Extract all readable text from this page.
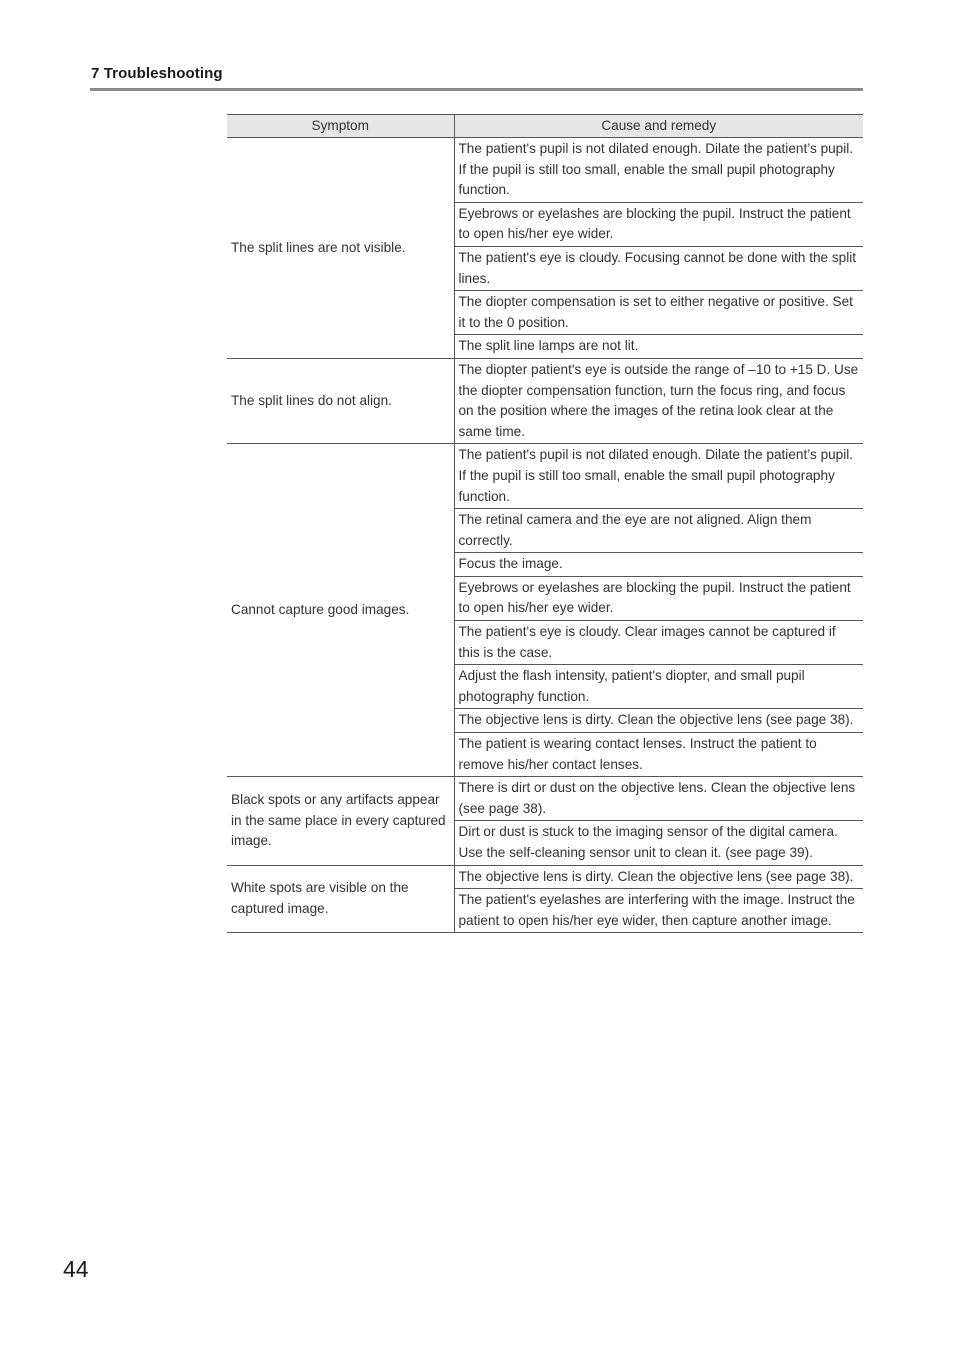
7 Troubleshooting
Symptom	Cause and remedy
The split lines are not visible.	The patient's pupil is not dilated enough. Dilate the patient’s pupil. If the pupil is still too small, enable the small pupil photography function.
	Eyebrows or eyelashes are blocking the pupil. Instruct the patient to open his/her eye wider.
	The patient's eye is cloudy. Focusing cannot be done with the split lines.
	The diopter compensation is set to either negative or positive. Set it to the 0 position.
	The split line lamps are not lit.
The split lines do not align.	The diopter patient's eye is outside the range of –10 to +15 D. Use the diopter compensation function, turn the focus ring, and focus on the position where the images of the retina look clear at the same time.
Cannot capture good images.	The patient's pupil is not dilated enough. Dilate the patient’s pupil. If the pupil is still too small, enable the small pupil photography function.
	The retinal camera and the eye are not aligned. Align them correctly.
	Focus the image.
	Eyebrows or eyelashes are blocking the pupil. Instruct the patient to open his/her eye wider.
	The patient's eye is cloudy. Clear images cannot be captured if this is the case.
	Adjust the flash intensity, patient's diopter, and small pupil photography function.
	The objective lens is dirty. Clean the objective lens (see page 38).
	The patient is wearing contact lenses. Instruct the patient to remove his/her contact lenses.
Black spots or any artifacts appear in the same place in every captured image.	There is dirt or dust on the objective lens. Clean the objective lens (see page 38).
	Dirt or dust is stuck to the imaging sensor of the digital camera. Use the self-cleaning sensor unit to clean it. (see page 39).
White spots are visible on the captured image.	The objective lens is dirty. Clean the objective lens (see page 38).
	The patient's eyelashes are interfering with the image. Instruct the patient to open his/her eye wider, then capture another image.
44
